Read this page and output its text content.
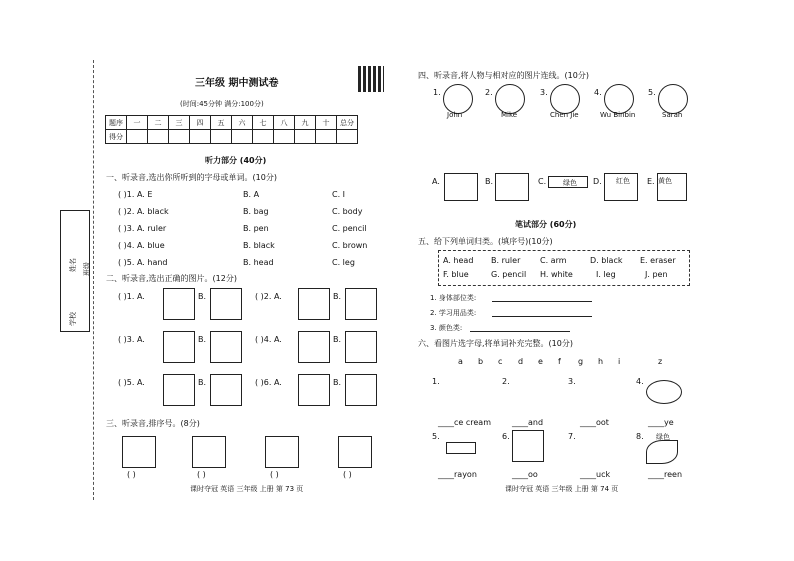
三年级 期中测试卷
(时间:45分钟 满分:100分)
题序	一	二	三	四	五	六	七	八	九	十	总分
得分											
听力部分 (40分)
一、听录音,选出你所听到的字母或单词。(10分)
( )1. A. E	B. A	C. I
( )2. A. black	B. bag	C. body
( )3. A. ruler	B. pen	C. pencil
( )4. A. blue	B. black	C. brown
( )5. A. hand	B. head	C. leg
二、听录音,选出正确的图片。(12分)
( )1. A.	B.	( )2. A.	B.
( )3. A.	B.	( )4. A.	B.
( )5. A.	B.	( )6. A.	B.
三、听录音,排序号。(8分)
( )	( )	( )	( )
课时夺冠 英语 三年级 上册 第 73 页
姓名 班级
学校
四、听录音,将人物与相对应的图片连线。(10分)
1.
John
2.
Mike
3.
Chen Jie
4.
Wu Binbin
5.
Sarah
A.	B.	C. 绿色 D. 红色 E. 黄色
笔试部分 (60分)
五、给下列单词归类。(填序号)(10分)
A. head B. ruler C. arm	D. black E. eraser
F. blue	G. pencil H. white	I. leg	J. pen
1. 身体部位类:
2. 学习用品类:
3. 颜色类:
六、看图片选字母,将单词补充完整。(10分)
a b c d e f g h i	z
1.
____ce cream
2.
____and
3.
____oot
4.
____ye
5.
____rayon
6.
____oo
7.
____uck
8. 绿色
____reen
课时夺冠 英语 三年级 上册 第 74 页
